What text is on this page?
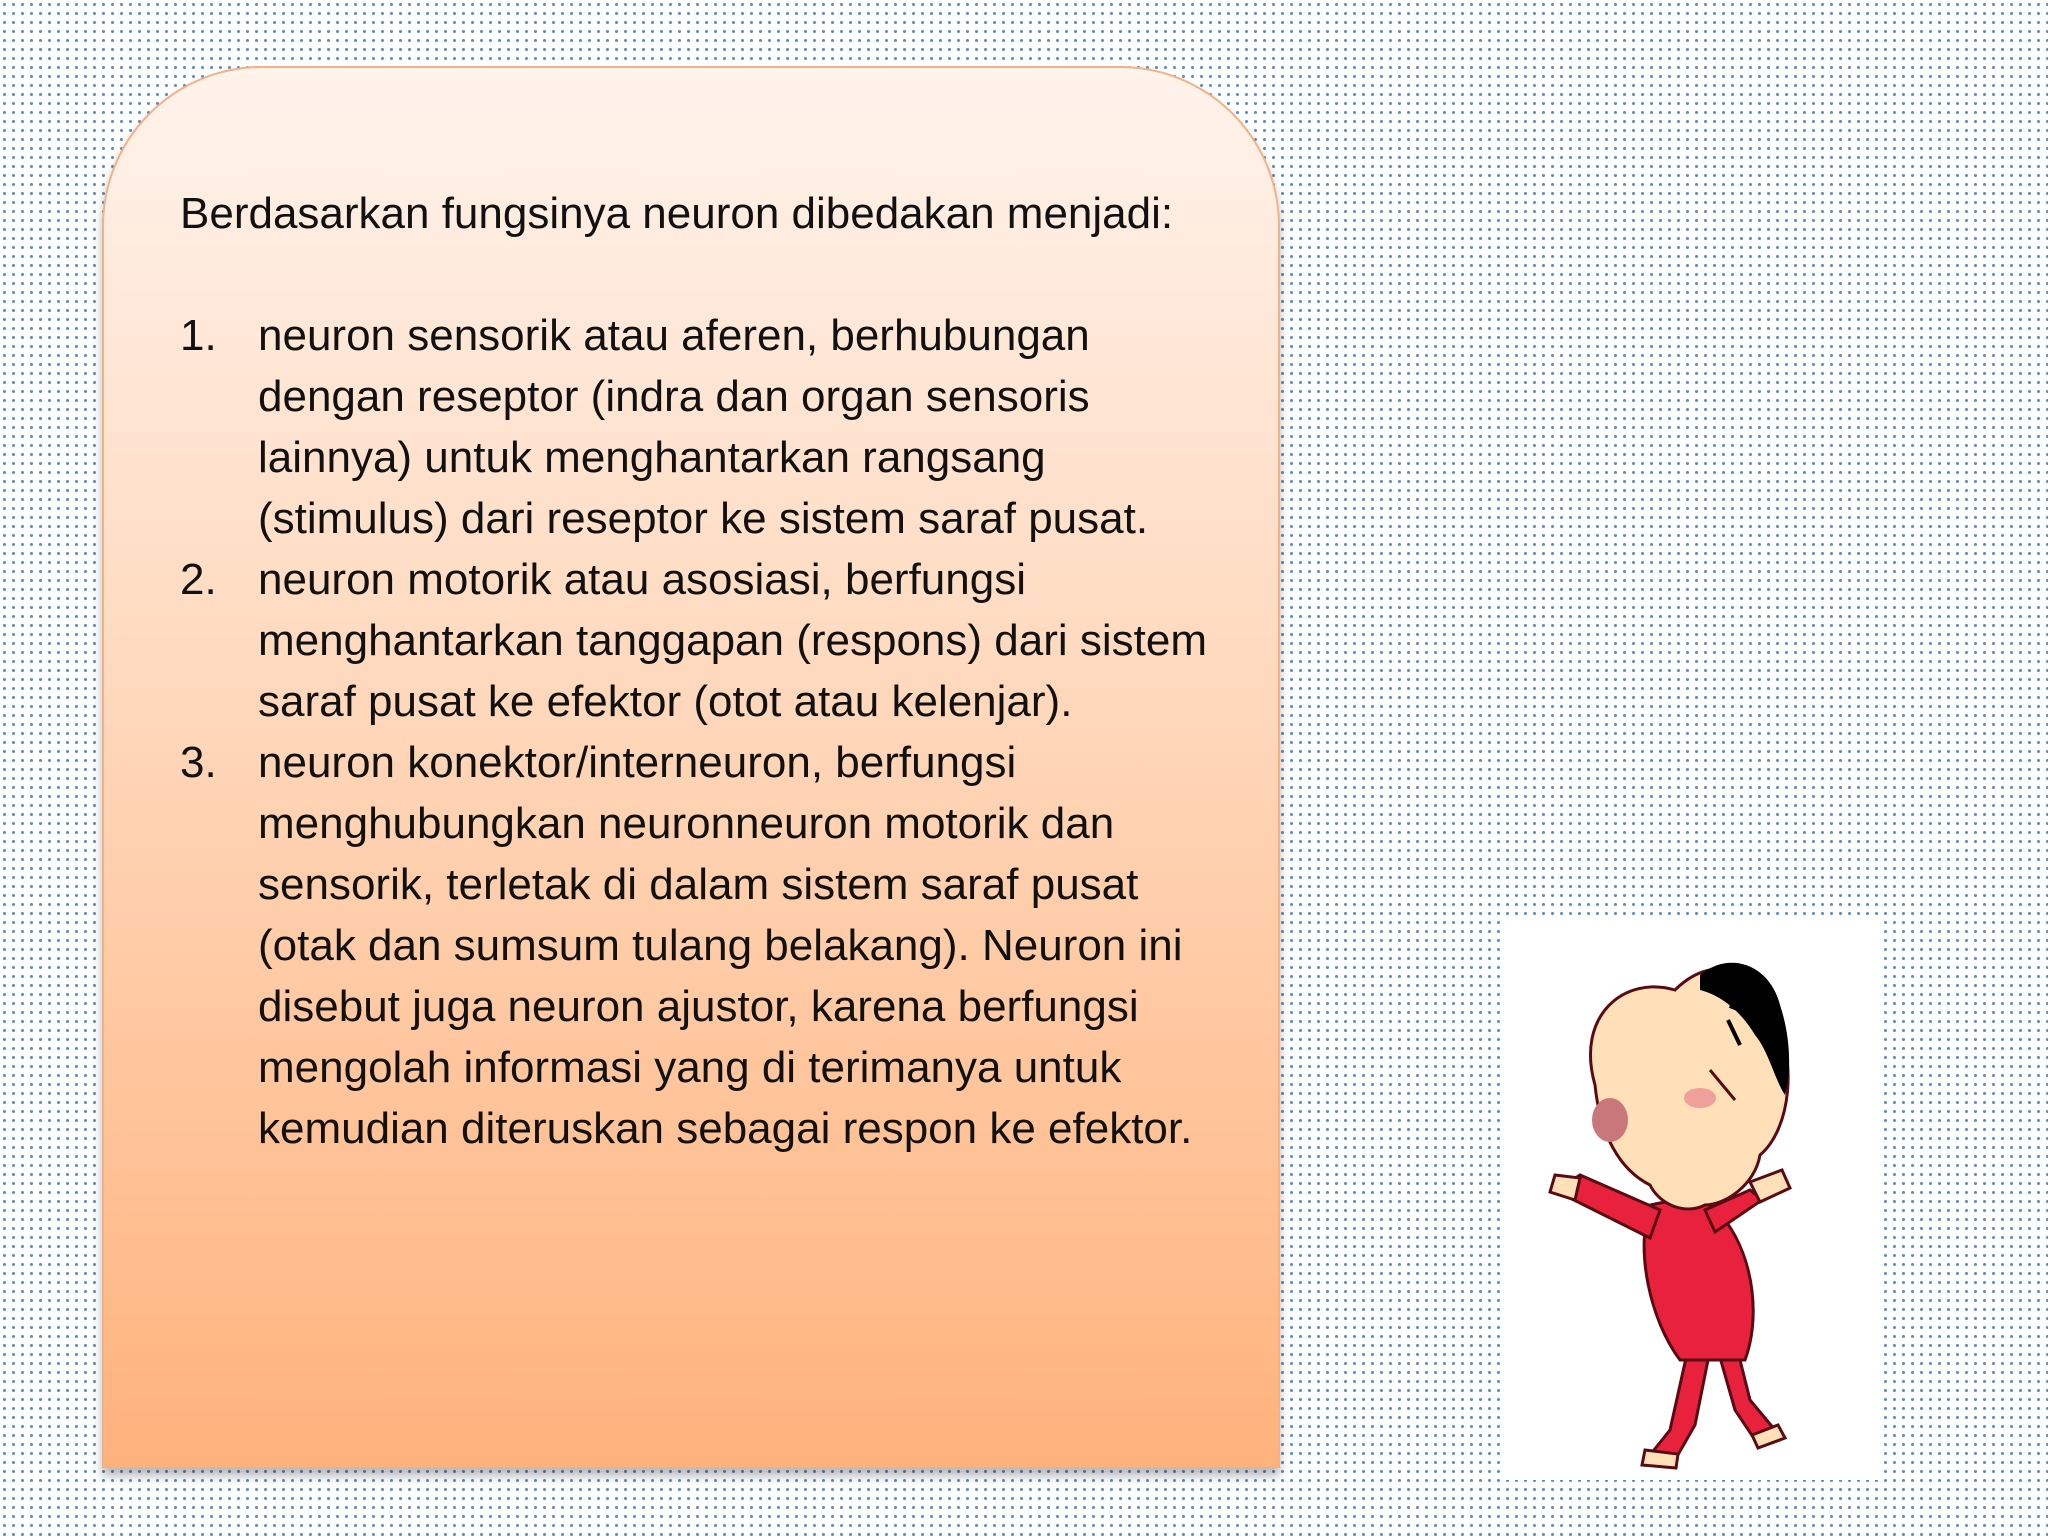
Berdasarkan fungsinya neuron dibedakan menjadi:

1. neuron sensorik atau aferen, berhubungan dengan reseptor (indra dan organ sensoris lainnya) untuk menghantarkan rangsang (stimulus) dari reseptor ke sistem saraf pusat.
2. neuron motorik atau asosiasi, berfungsi menghantarkan tanggapan (respons) dari sistem saraf pusat ke efektor (otot atau kelenjar).
3. neuron konektor/interneuron, berfungsi menghubungkan neuronneuron motorik dan sensorik, terletak di dalam sistem saraf pusat (otak dan sumsum tulang belakang). Neuron ini disebut juga neuron ajustor, karena berfungsi mengolah informasi yang di terimanya untuk kemudian diteruskan sebagai respon ke efektor.
